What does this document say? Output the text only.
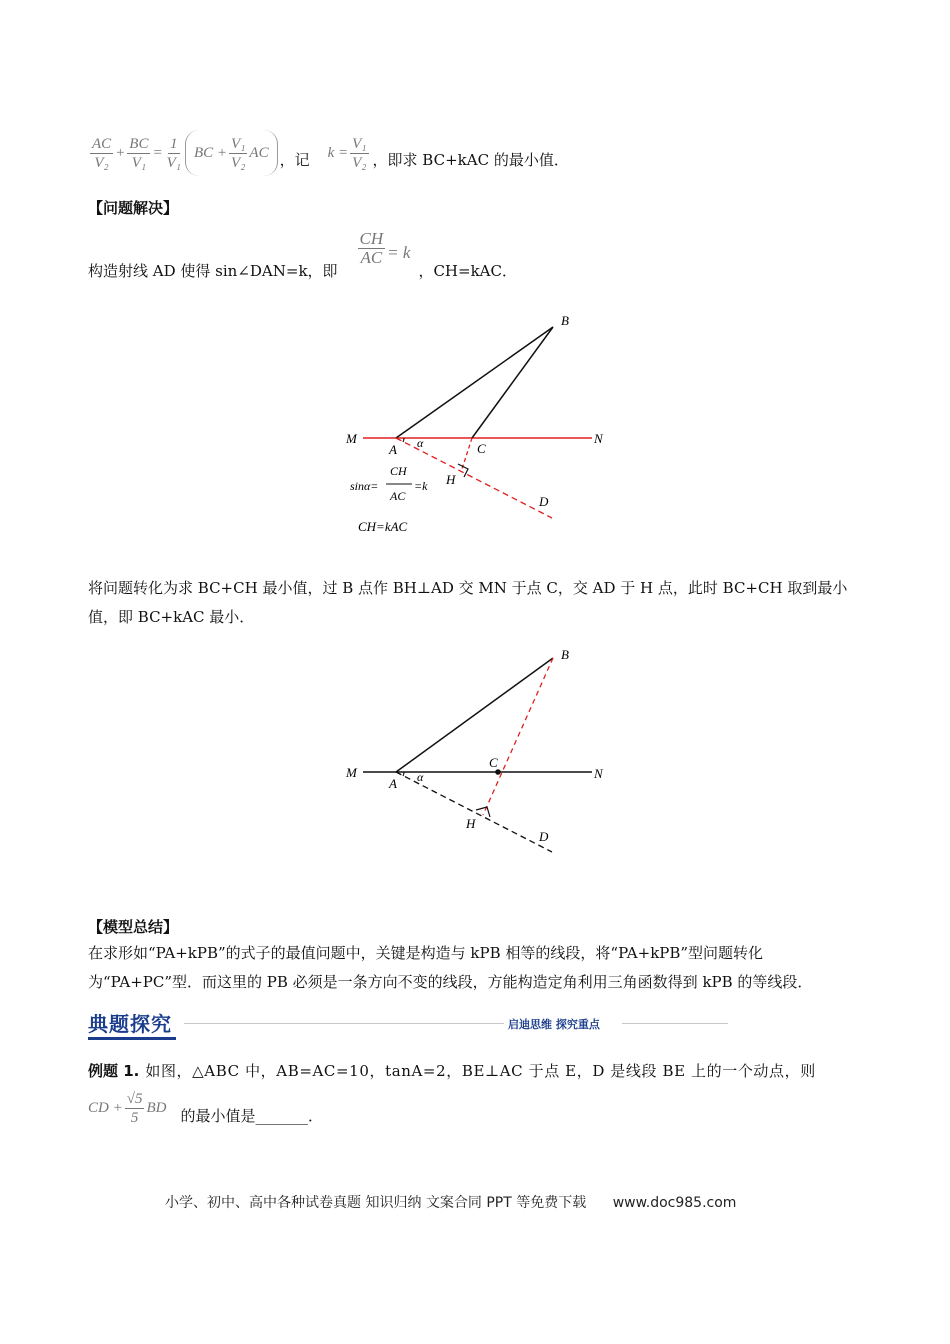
$\frac{AC}{\text{V₂}} + \frac{BC}{\text{V₁}} = \frac{1}{\text{V₁}}$ BC + $\frac{\text{V₁}}{\text{V₂}}$ AC ，记 $k = \frac{\text{V₁}}{\text{V₂}}$ ，即求 BC+kAC 的最小值．
【问题解决】
构造射线 AD 使得 sin∠DAN=k，即
$\frac{CH}{AC} = k$
，CH=kAC．
B
M	N
A α	C
H
D
sinα=
CH
AC
=k
CH=kAC
将问题转化为求 BC+CH 最小值，过 B 点作 BH⊥AD 交 MN 于点 C，交 AD 于 H 点，此时 BC+CH 取到最小值，即 BC+kAC 最小．
B
M	N
A α
C
H
D
【模型总结】
在求形如“PA+kPB”的式子的最值问题中，关键是构造与 kPB 相等的线段，将“PA+kPB”型问题转化为“PA+PC”型．而这里的 PB 必须是一条方向不变的线段，方能构造定角利用三角函数得到 kPB 的等线段．
典题探究	启迪思维 探究重点
例题 1. 如图，△ABC 中，AB=AC=10，tanA=2，BE⊥AC 于点 E，D 是线段 BE 上的一个动点，则
CD + $\frac{√5}{5}$ BD 的最小值是_______．
小学、初中、高中各种试卷真题 知识归纳 文案合同 PPT 等免费下载 www.doc985.com
